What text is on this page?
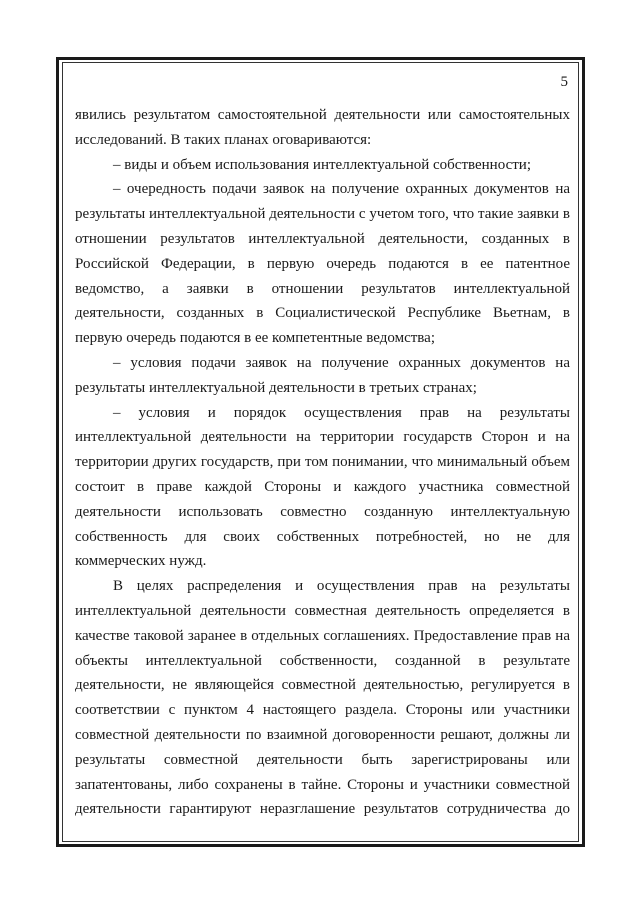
5

явились результатом самостоятельной деятельности или самостоятельных исследований. В таких планах оговариваются:

– виды и объем использования интеллектуальной собственности;

– очередность подачи заявок на получение охранных документов на результаты интеллектуальной деятельности с учетом того, что такие заявки в отношении результатов интеллектуальной деятельности, созданных в Российской Федерации, в первую очередь подаются в ее патентное ведомство, а заявки в отношении результатов интеллектуальной деятельности, созданных в Социалистической Республике Вьетнам, в первую очередь подаются в ее компетентные ведомства;

– условия подачи заявок на получение охранных документов на результаты интеллектуальной деятельности в третьих странах;

– условия и порядок осуществления прав на результаты интеллектуальной деятельности на территории государств Сторон и на территории других государств, при том понимании, что минимальный объем состоит в праве каждой Стороны и каждого участника совместной деятельности использовать совместно созданную интеллектуальную собственность для своих собственных потребностей, но не для коммерческих нужд.

В целях распределения и осуществления прав на результаты интеллектуальной деятельности совместная деятельность определяется в качестве таковой заранее в отдельных соглашениях. Предоставление прав на объекты интеллектуальной собственности, созданной в результате деятельности, не являющейся совместной деятельностью, регулируется в соответствии с пунктом 4 настоящего раздела. Стороны или участники совместной деятельности по взаимной договоренности решают, должны ли результаты совместной деятельности быть зарегистрированы или запатентованы, либо сохранены в тайне. Стороны и участники совместной деятельности гарантируют неразглашение результатов сотрудничества до
